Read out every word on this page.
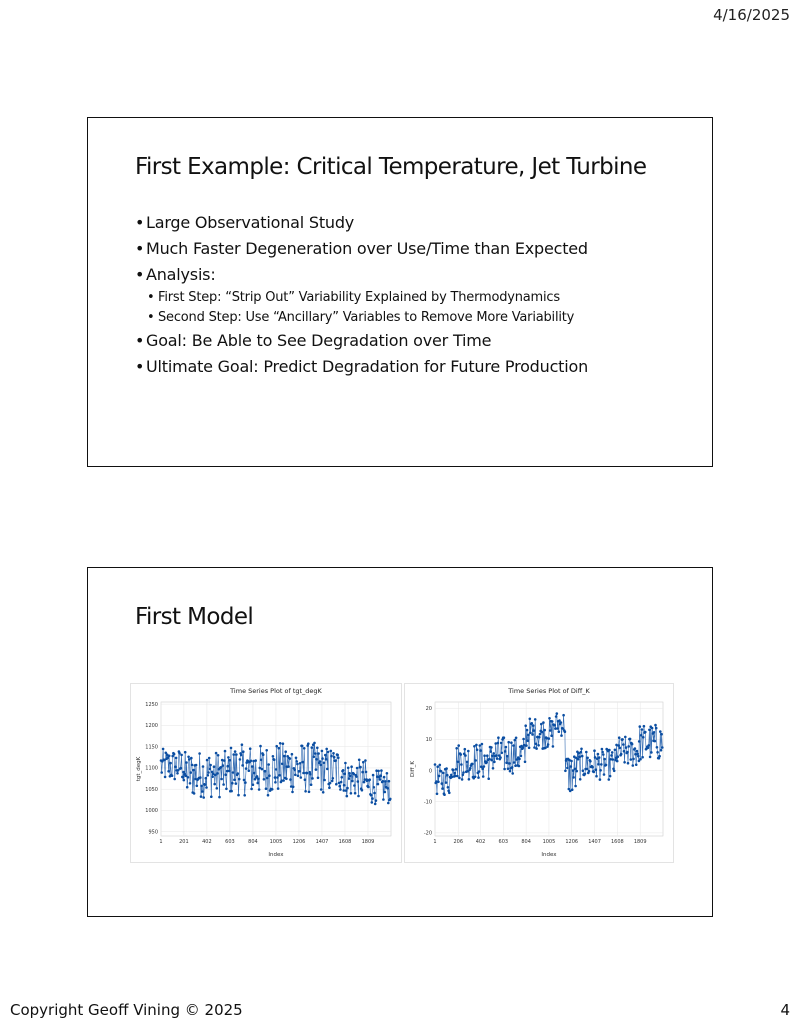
4/16/2025
First Example: Critical Temperature, Jet Turbine
• Large Observational Study
• Much Faster Degeneration over Use/Time than Expected
• Analysis:
• First Step: “Strip Out” Variability Explained by Thermodynamics
• Second Step: Use “Ancillary” Variables to Remove More Variability
• Goal: Be Able to See Degradation over Time
• Ultimate Goal: Predict Degradation for Future Production
First Model
Time Series Plot of tgt_degK
950
1000
1050
1100
1150
1200
1250
1	201	402	603	804 1005 1206 1407 1608 1809
Index
tgt_degK
Time Series Plot of Diff_K
-20
-10
0
10
20
1	206	402	603	804 1005 1206 1407 1608 1809
Index
Diff_K
Copyright Geoff Vining © 2025	4
